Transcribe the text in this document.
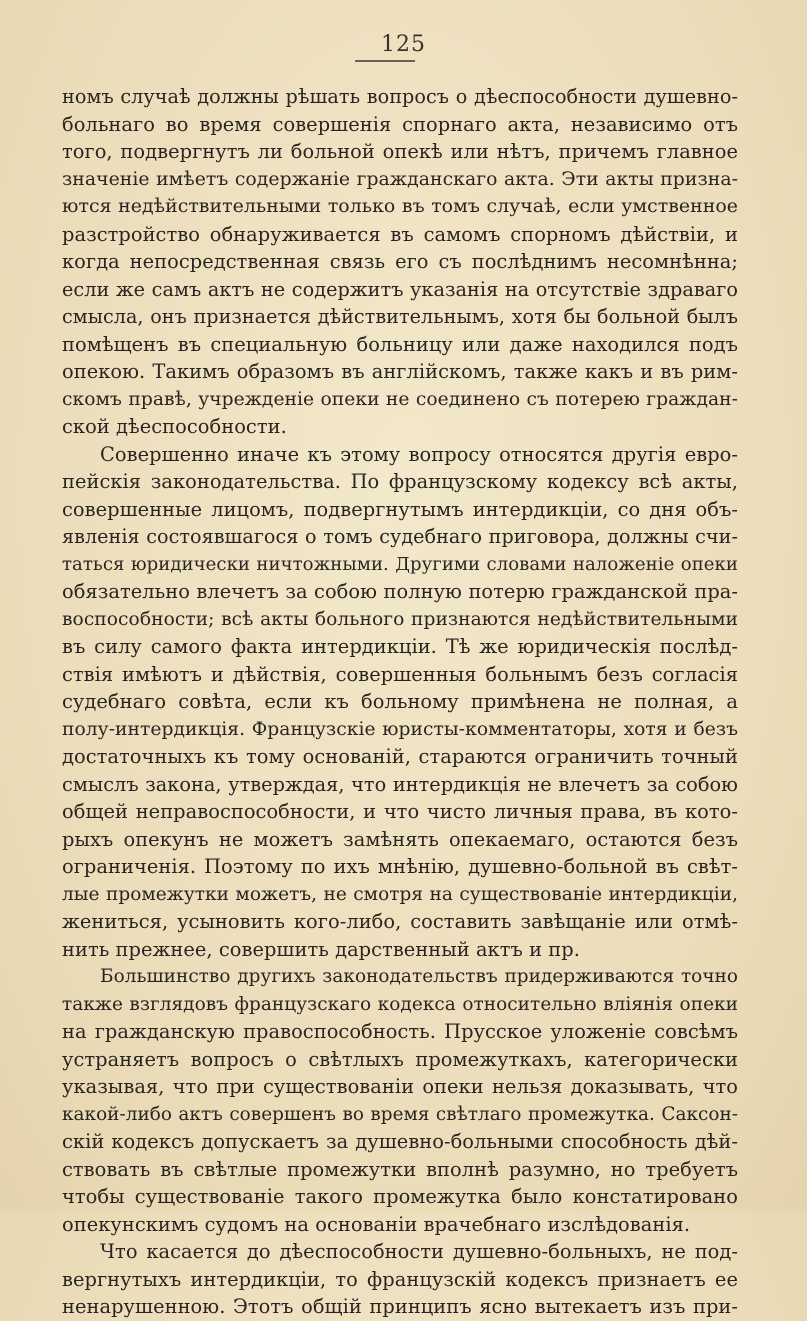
125
номъ случаѣ должны рѣшать вопросъ о дѣеспособности душевно-
больнаго во время совершенія спорнаго акта, независимо отъ
того, подвергнутъ ли больной опекѣ или нѣтъ, причемъ главное
значеніе имѣетъ содержаніе гражданскаго акта. Эти акты призна-
ются недѣйствительными только въ томъ случаѣ, если умственное
разстройство обнаруживается въ самомъ спорномъ дѣйствіи, и
когда непосредственная связь его съ послѣднимъ несомнѣнна;
если же самъ актъ не содержитъ указанія на отсутствіе здраваго
смысла, онъ признается дѣйствительнымъ, хотя бы больной былъ
помѣщенъ въ специальную больницу или даже находился подъ
опекою. Такимъ образомъ въ англійскомъ, также какъ и въ рим-
скомъ правѣ, учрежденіе опеки не соединено съ потерею граждан-
ской дѣеспособности.
Совершенно иначе къ этому вопросу относятся другія евро-
пейскія законодательства. По французскому кодексу всѣ акты,
совершенные лицомъ, подвергнутымъ интердикціи, со дня объ-
явленія состоявшагося о томъ судебнаго приговора, должны счи-
таться юридически ничтожными. Другими словами наложеніе опеки
обязательно влечетъ за собою полную потерю гражданской пра-
воспособности; всѣ акты больного признаются недѣйствительными
въ силу самого факта интердикціи. Тѣ же юридическія послѣд-
ствія имѣютъ и дѣйствія, совершенныя больнымъ безъ согласія
судебнаго совѣта, если къ больному примѣнена не полная, а
полу-интердикція. Французскіе юристы-комментаторы, хотя и безъ
достаточныхъ къ тому основаній, стараются ограничить точный
смыслъ закона, утверждая, что интердикція не влечетъ за собою
общей неправоспособности, и что чисто личныя права, въ кото-
рыхъ опекунъ не можетъ замѣнять опекаемаго, остаются безъ
ограниченія. Поэтому по ихъ мнѣнію, душевно-больной въ свѣт-
лые промежутки можетъ, не смотря на существованіе интердикціи,
жениться, усыновить кого-либо, составить завѣщаніе или отмѣ-
нить прежнее, совершить дарственный актъ и пр.
Большинство другихъ законодательствъ придерживаются точно
также взглядовъ французскаго кодекса относительно вліянія опеки
на гражданскую правоспособность. Прусское уложеніе совсѣмъ
устраняетъ вопросъ о свѣтлыхъ промежуткахъ, категорически
указывая, что при существованіи опеки нельзя доказывать, что
какой-либо актъ совершенъ во время свѣтлаго промежутка. Саксон-
скій кодексъ допускаетъ за душевно-больными способность дѣй-
ствовать въ свѣтлые промежутки вполнѣ разумно, но требуетъ
чтобы существованіе такого промежутка было констатировано
опекунскимъ судомъ на основаніи врачебнаго изслѣдованія.
Что касается до дѣеспособности душевно-больныхъ, не под-
вергнутыхъ интердикціи, то французскій кодексъ признаетъ ее
ненарушенною. Этотъ общій принципъ ясно вытекаетъ изъ при-
